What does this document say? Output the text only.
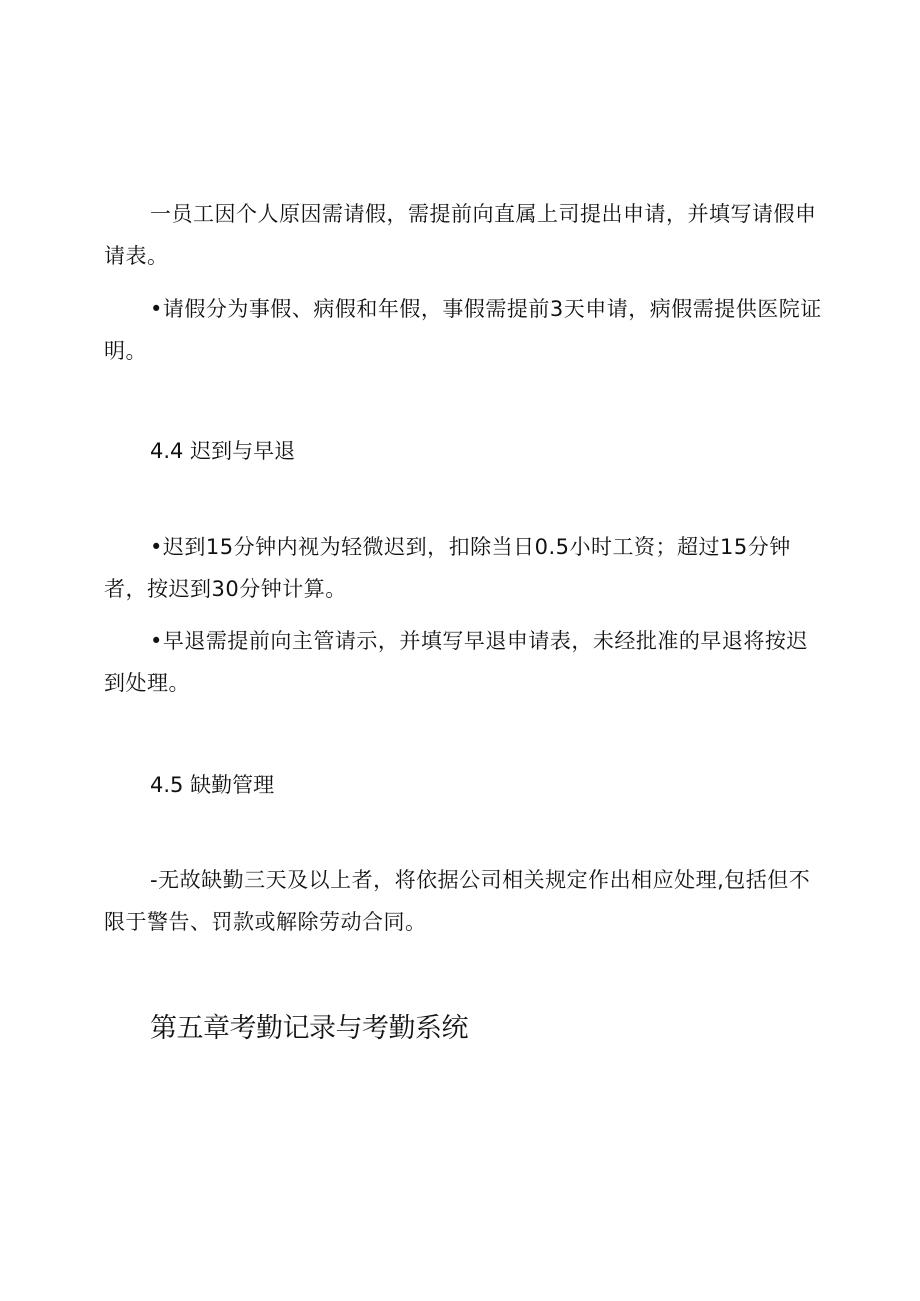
一员工因个人原因需请假，需提前向直属上司提出申请，并填写请假申请表。

•请假分为事假、病假和年假，事假需提前3天申请，病假需提供医院证明。

4.4 迟到与早退

•迟到15分钟内视为轻微迟到，扣除当日0.5小时工资；超过15分钟者，按迟到30分钟计算。

•早退需提前向主管请示，并填写早退申请表，未经批准的早退将按迟到处理。

4.5 缺勤管理

-无故缺勤三天及以上者，将依据公司相关规定作出相应处理,包括但不限于警告、罚款或解除劳动合同。

第五章考勤记录与考勤系统
